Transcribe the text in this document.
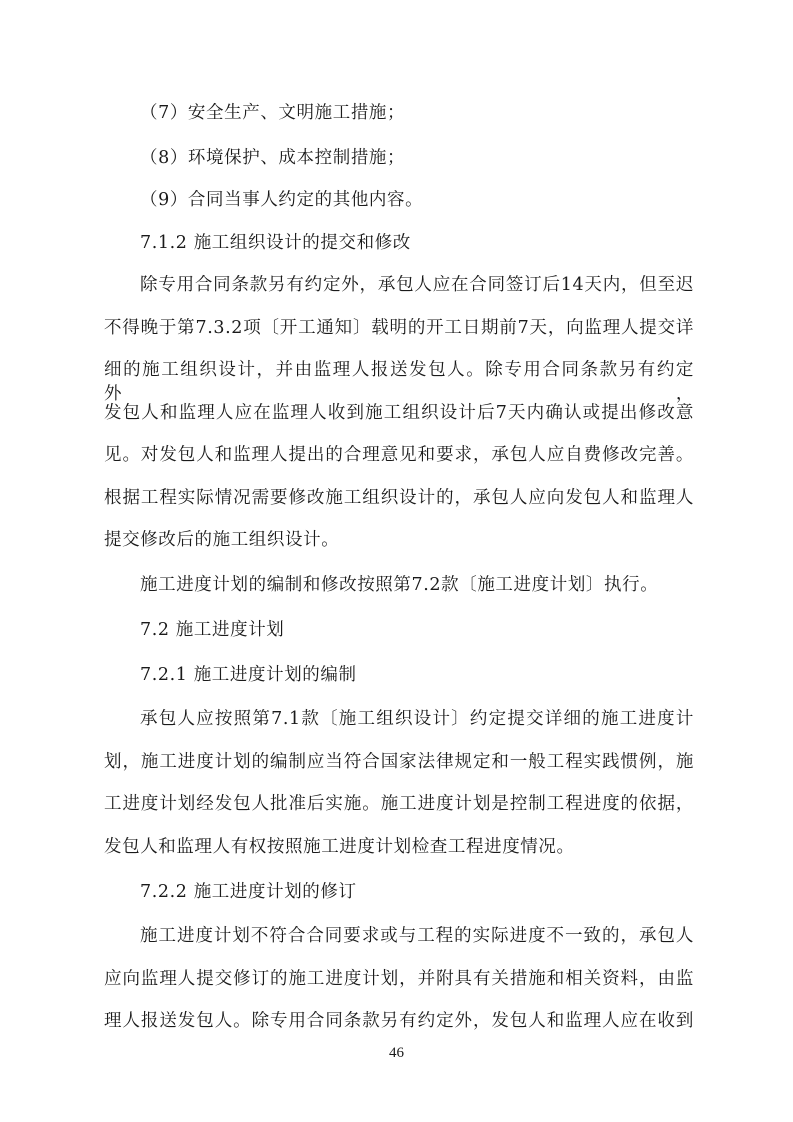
（7）安全生产、文明施工措施；
（8）环境保护、成本控制措施；
（9）合同当事人约定的其他内容。
7.1.2 施工组织设计的提交和修改
除专用合同条款另有约定外，承包人应在合同签订后14天内，但至迟
不得晚于第7.3.2项〔开工通知〕载明的开工日期前7天，向监理人提交详
细的施工组织设计，并由监理人报送发包人。除专用合同条款另有约定外，
发包人和监理人应在监理人收到施工组织设计后7天内确认或提出修改意
见。对发包人和监理人提出的合理意见和要求，承包人应自费修改完善。
根据工程实际情况需要修改施工组织设计的，承包人应向发包人和监理人
提交修改后的施工组织设计。
施工进度计划的编制和修改按照第7.2款〔施工进度计划〕执行。
7.2 施工进度计划
7.2.1 施工进度计划的编制
承包人应按照第7.1款〔施工组织设计〕约定提交详细的施工进度计
划，施工进度计划的编制应当符合国家法律规定和一般工程实践惯例，施
工进度计划经发包人批准后实施。施工进度计划是控制工程进度的依据，
发包人和监理人有权按照施工进度计划检查工程进度情况。
7.2.2 施工进度计划的修订
施工进度计划不符合合同要求或与工程的实际进度不一致的，承包人
应向监理人提交修订的施工进度计划，并附具有关措施和相关资料，由监
理人报送发包人。除专用合同条款另有约定外，发包人和监理人应在收到
46
